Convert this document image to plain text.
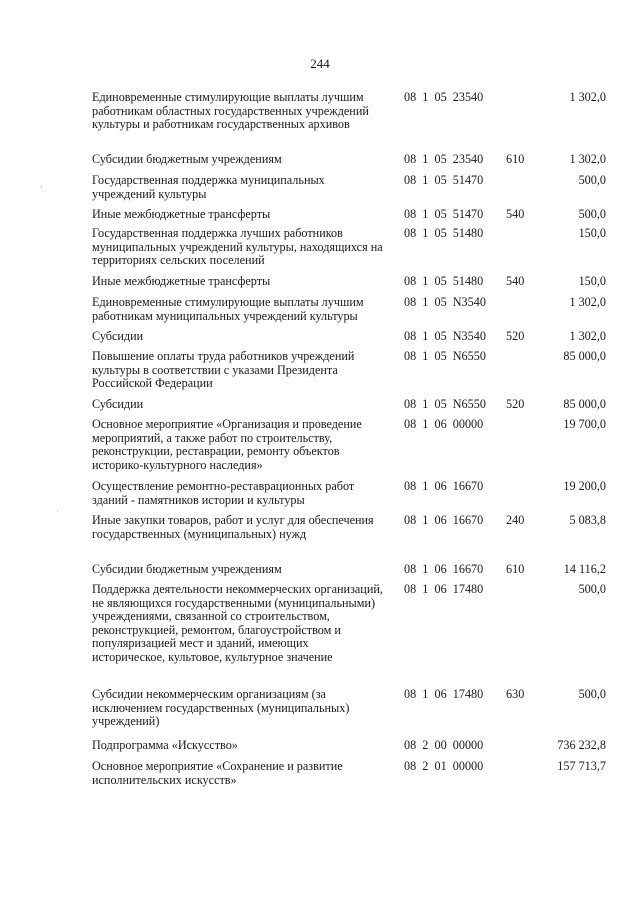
244
·
·
Единовременные стимулирующие выплаты лучшим работникам областных государственных учреждений культуры и работникам государственных архивов
08  1  05  23540	1 302,0
Субсидии бюджетным учреждениям	08  1  05  23540 610	1 302,0
Государственная поддержка муниципальных учреждений культуры
08  1  05  51470	500,0
Иные межбюджетные трансферты	08  1  05  51470 540	500,0
Государственная поддержка лучших работников муниципальных учреждений культуры, находящихся на территориях сельских поселений
08  1  05  51480	150,0
Иные межбюджетные трансферты	08  1  05  51480 540	150,0
Единовременные стимулирующие выплаты лучшим работникам муниципальных учреждений культуры
08  1  05  N3540	1 302,0
Субсидии	08  1  05  N3540 520	1 302,0
Повышение оплаты труда работников учреждений культуры в соответствии с указами Президента Российской Федерации
08  1  05  N6550	85 000,0
Субсидии	08  1  05  N6550 520	85 000,0
Основное мероприятие «Организация и проведение мероприятий, а также работ по строительству, реконструкции, реставрации, ремонту объектов историко-культурного наследия»
08  1  06  00000	19 700,0
Осуществление ремонтно-реставрационных работ зданий - памятников истории и культуры
08  1  06  16670	19 200,0
Иные закупки товаров, работ и услуг для обеспечения государственных (муниципальных) нужд
08  1  06  16670 240	5 083,8
Субсидии бюджетным учреждениям	08  1  06  16670 610	14 116,2
Поддержка деятельности некоммерческих организаций, не являющихся государственными (муниципальными) учреждениями, связанной со строительством, реконструкцией, ремонтом, благоустройством и популяризацией мест и зданий, имеющих историческое, культовое, культурное значение
08  1  06  17480	500,0
Субсидии некоммерческим организациям (за исключением государственных (муниципальных) учреждений)
08  1  06  17480 630	500,0
Подпрограмма «Искусство»	08  2  00  00000	736 232,8
Основное мероприятие «Сохранение и развитие исполнительских искусств»
08  2  01  00000	157 713,7
